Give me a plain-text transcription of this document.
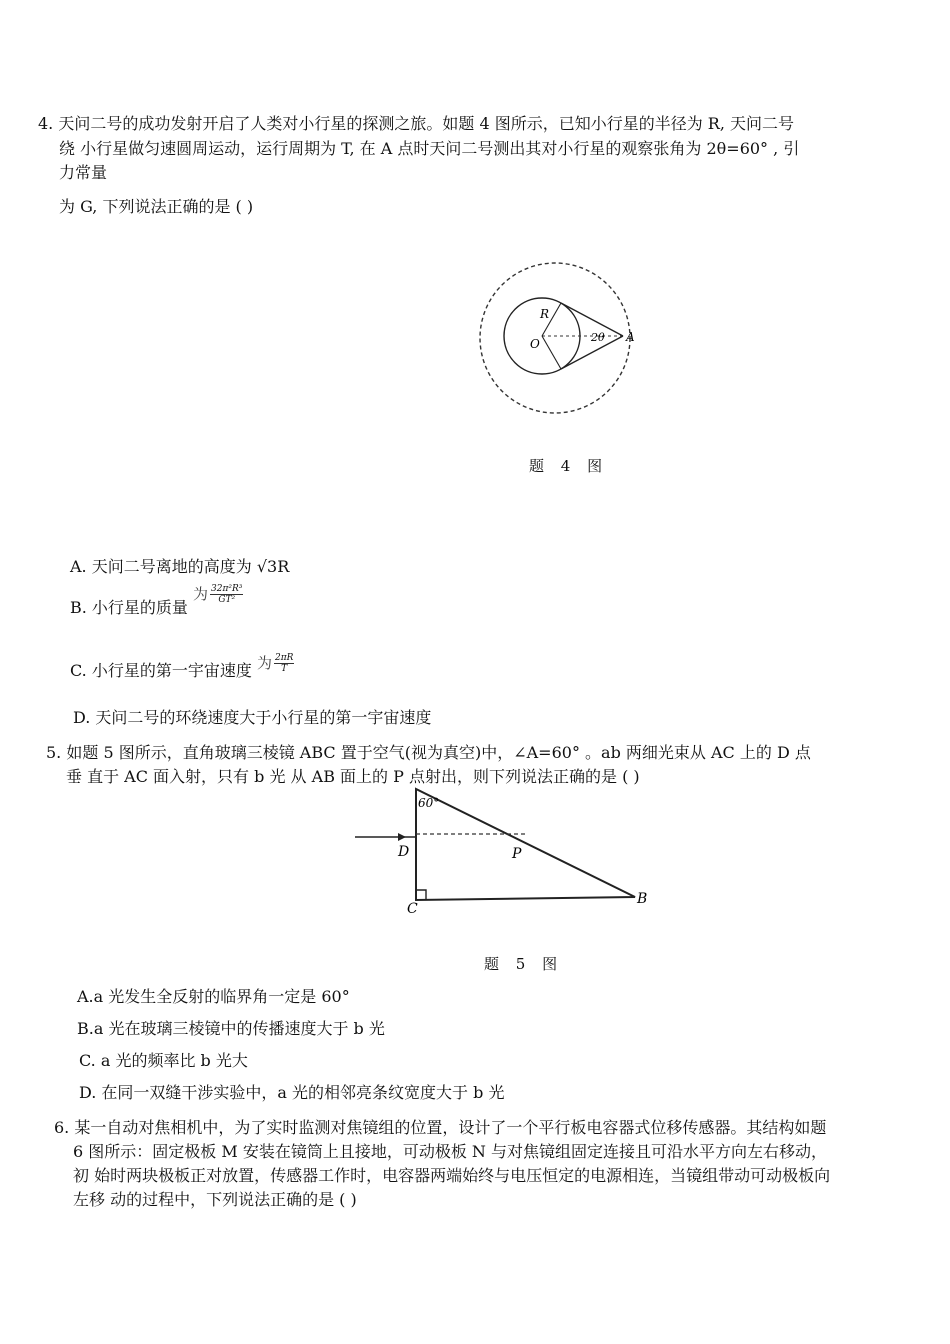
4. 天问二号的成功发射开启了人类对小行星的探测之旅。如题 4 图所示，已知小行星的半径为 R, 天问二号
绕 小行星做匀速圆周运动，运行周期为 T, 在 A 点时天问二号测出其对小行星的观察张角为 2θ=60° , 引
力常量
为 G, 下列说法正确的是 ( )
R
O	2θ A
题 4 图
A. 天问二号离地的高度为 √3R
B. 小行星的质量 为 $\frac{\text{32π²R³}}{\text{GT²}}$
C. 小行星的第一宇宙速度 为 $\frac{2\pi R}{T}$
D. 天问二号的环绕速度大于小行星的第一宇宙速度
5. 如题 5 图所示，直角玻璃三棱镜 ABC 置于空气(视为真空)中，∠A=60° 。ab 两细光束从 AC 上的 D 点
垂 直于 AC 面入射，只有 b 光 从 AB 面上的 P 点射出，则下列说法正确的是 ( )
60°
D	P
C
B
题 5 图
A.a 光发生全反射的临界角一定是 60°
B.a 光在玻璃三棱镜中的传播速度大于 b 光
C. a 光的频率比 b 光大
D. 在同一双缝干涉实验中，a 光的相邻亮条纹宽度大于 b 光
6. 某一自动对焦相机中，为了实时监测对焦镜组的位置，设计了一个平行板电容器式位移传感器。其结构如题
6 图所示：固定极板 M 安装在镜筒上且接地，可动极板 N 与对焦镜组固定连接且可沿水平方向左右移动，
初 始时两块极板正对放置，传感器工作时，电容器两端始终与电压恒定的电源相连，当镜组带动可动极板向
左移 动的过程中，下列说法正确的是 ( )
